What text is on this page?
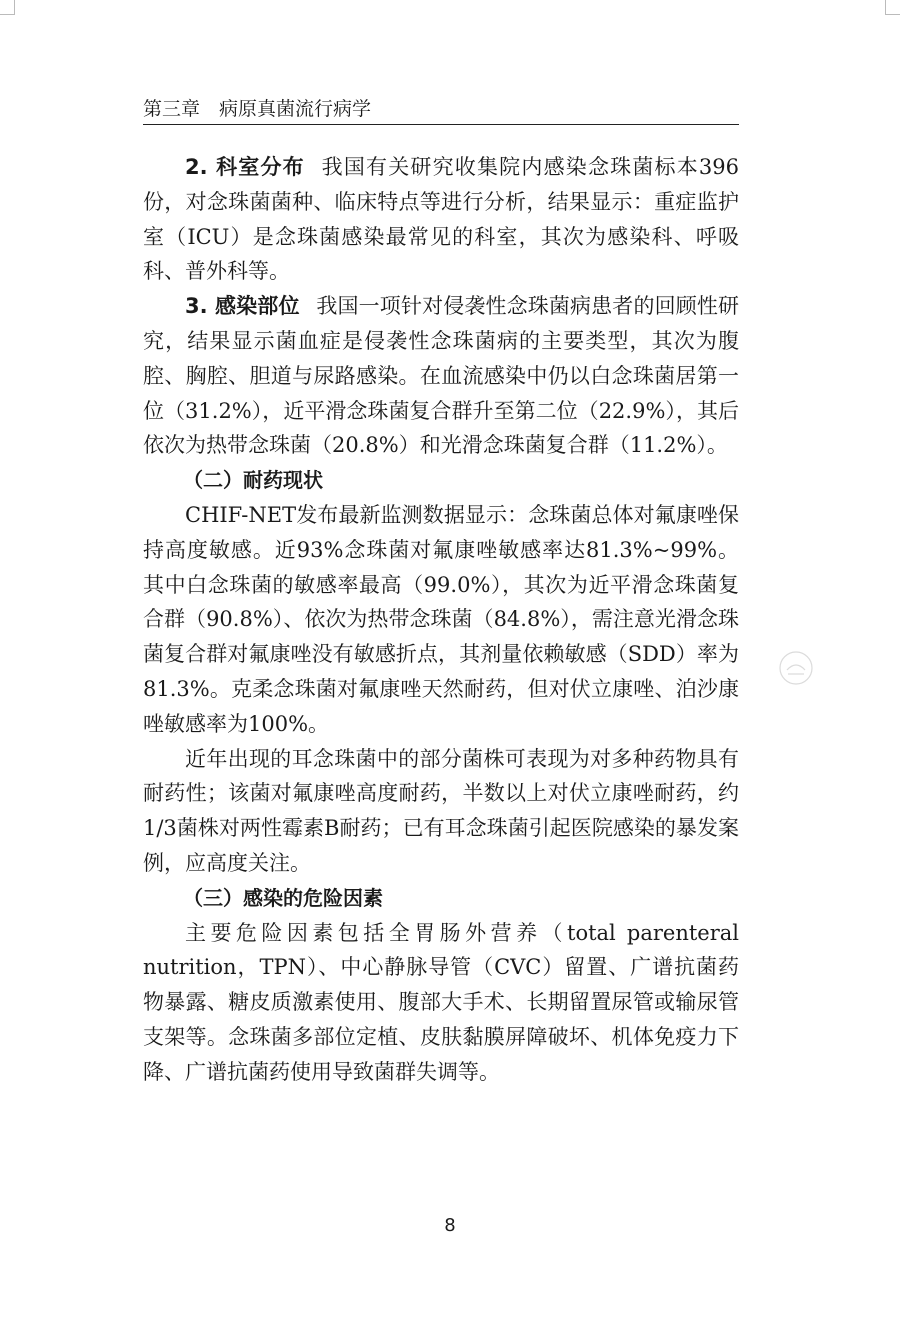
第三章　病原真菌流行病学

2. 科室分布 我国有关研究收集院内感染念珠菌标本396份，对念珠菌菌种、临床特点等进行分析，结果显示：重症监护室（ICU）是念珠菌感染最常见的科室，其次为感染科、呼吸科、普外科等。

3. 感染部位 我国一项针对侵袭性念珠菌病患者的回顾性研究，结果显示菌血症是侵袭性念珠菌病的主要类型，其次为腹腔、胸腔、胆道与尿路感染。在血流感染中仍以白念珠菌居第一位（31.2%），近平滑念珠菌复合群升至第二位（22.9%），其后依次为热带念珠菌（20.8%）和光滑念珠菌复合群（11.2%）。

（二）耐药现状

CHIF-NET发布最新监测数据显示：念珠菌总体对氟康唑保持高度敏感。近93%念珠菌对氟康唑敏感率达81.3%~99%。其中白念珠菌的敏感率最高（99.0%），其次为近平滑念珠菌复合群（90.8%）、依次为热带念珠菌（84.8%），需注意光滑念珠菌复合群对氟康唑没有敏感折点，其剂量依赖敏感（SDD）率为81.3%。克柔念珠菌对氟康唑天然耐药，但对伏立康唑、泊沙康唑敏感率为100%。

近年出现的耳念珠菌中的部分菌株可表现为对多种药物具有耐药性；该菌对氟康唑高度耐药，半数以上对伏立康唑耐药，约1/3菌株对两性霉素B耐药；已有耳念珠菌引起医院感染的暴发案例，应高度关注。

（三）感染的危险因素

主要危险因素包括全胃肠外营养（total parenteral nutrition，TPN）、中心静脉导管（CVC）留置、广谱抗菌药物暴露、糖皮质激素使用、腹部大手术、长期留置尿管或输尿管支架等。念珠菌多部位定植、皮肤黏膜屏障破坏、机体免疫力下降、广谱抗菌药使用导致菌群失调等。

8
